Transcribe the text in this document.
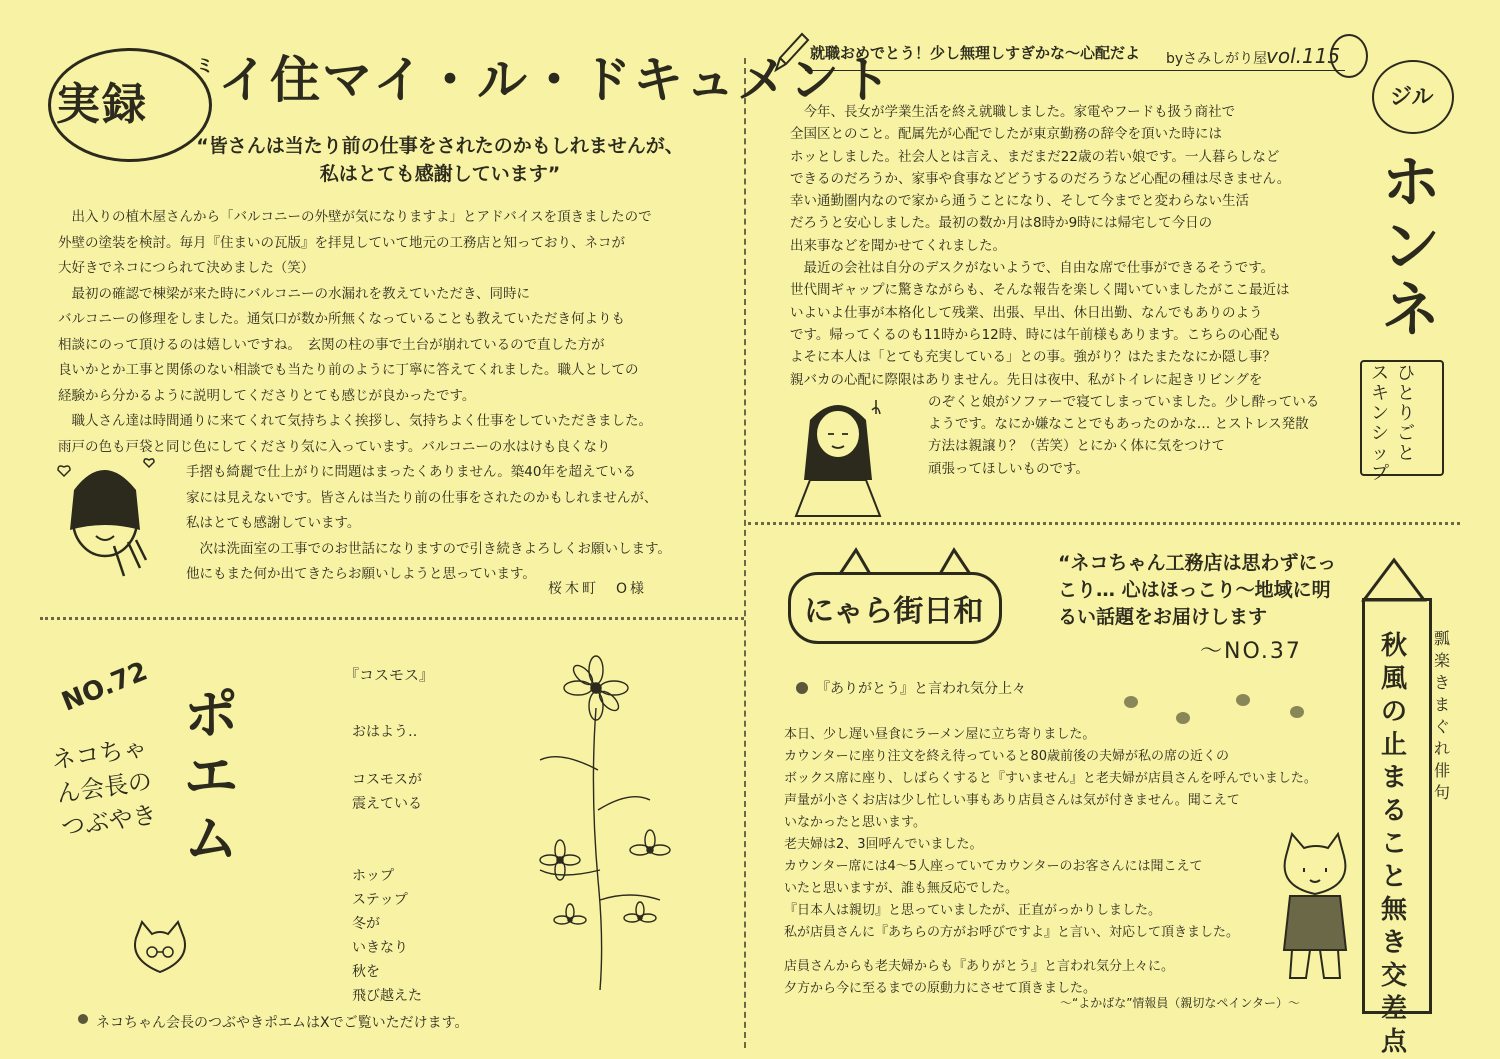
実録
ミ イ住マイ・ル・ドキュメント
“皆さんは当たり前の仕事をされたのかもしれませんが、私はとても感謝しています”

　出入りの植木屋さんから「バルコニーの外壁が気になりますよ」とアドバイスを頂きましたので

外壁の塗装を検討。毎月『住まいの瓦版』を拝見していて地元の工務店と知っており、ネコが

大好きでネコにつられて決めました（笑）

　最初の確認で棟梁が来た時にバルコニーの水漏れを教えていただき、同時に

バルコニーの修理をしました。通気口が数か所無くなっていることも教えていただき何よりも

相談にのって頂けるのは嬉しいですね。　玄関の柱の事で土台が崩れているので直した方が

良いかとか工事と関係のない相談でも当たり前のように丁寧に答えてくれました。職人としての

経験から分かるように説明してくださりとても感じが良かったです。

　職人さん達は時間通りに来てくれて気持ちよく挨拶し、気持ちよく仕事をしていただきました。

雨戸の色も戸袋と同じ色にしてくださり気に入っています。バルコニーの水はけも良くなり

手摺も綺麗で仕上がりに問題はまったくありません。築40年を超えている

家には見えないです。皆さんは当たり前の仕事をされたのかもしれませんが、

私はとても感謝しています。

　次は洗面室の工事でのお世話になりますので引き続きよろしくお願いします。

他にもまた何か出てきたらお願いしようと思っています。

桜木町　O様
NO.72
ネコちゃん会長のつぶやき
ポエム
『コスモス』
おはよう‥
コスモスが
震えている
ホップ
ステップ
冬が
いきなり
秋を
飛び越えた
ネコちゃん会長のつぶやきポエムはXでご覧いただけます。
就職おめでとう！少し無理しすぎかな〜心配だよ byさみしがり屋
vol.115

　今年、長女が学業生活を終え就職しました。家電やフードも扱う商社で

全国区とのこと。配属先が心配でしたが東京勤務の辞令を頂いた時には

ホッとしました。社会人とは言え、まだまだ22歳の若い娘です。一人暮らしなど

できるのだろうか、家事や食事などどうするのだろうなど心配の種は尽きません。

幸い通勤圏内なので家から通うことになり、そして今までと変わらない生活

だろうと安心しました。最初の数か月は8時か9時には帰宅して今日の

出来事などを聞かせてくれました。

　最近の会社は自分のデスクがないようで、自由な席で仕事ができるそうです。

世代間ギャップに驚きながらも、そんな報告を楽しく聞いていましたがここ最近は

いよいよ仕事が本格化して残業、出張、早出、休日出勤、なんでもありのよう

です。帰ってくるのも11時から12時、時には午前様もあります。こちらの心配も

よそに本人は「とても充実している」との事。強がり？はたまたなにか隠し事？

親バカの心配に際限はありません。先日は夜中、私がトイレに起きリビングを

のぞくと娘がソファーで寝てしまっていました。少し酔っている

ようです。なにか嫌なことでもあったのかな… とストレス発散

方法は親譲り？（苦笑）とにかく体に気をつけて

頑張ってほしいものです。

ジル
ホンネ
ひとりごと
スキンシップ
にゃら街日和
“ネコちゃん工務店は思わずにっこり… 心はほっこり〜地域に明るい話題をお届けします
〜NO.37
『ありがとう』と言われ気分上々

本日、少し遅い昼食にラーメン屋に立ち寄りました。

カウンターに座り注文を終え待っていると80歳前後の夫婦が私の席の近くの

ボックス席に座り、しばらくすると『すいません』と老夫婦が店員さんを呼んでいました。

声量が小さくお店は少し忙しい事もあり店員さんは気が付きません。聞こえて

いなかったと思います。

老夫婦は2、3回呼んでいました。

カウンター席には4〜5人座っていてカウンターのお客さんには聞こえて

いたと思いますが、誰も無反応でした。

『日本人は親切』と思っていましたが、正直がっかりしました。

私が店員さんに『あちらの方がお呼びですよ』と言い、対応して頂きました。

店員さんからも老夫婦からも『ありがとう』と言われ気分上々に。

夕方から今に至るまでの原動力にさせて頂きました。

〜“よかばな”情報員（親切なペインター）〜
秋風の止まること無き交差点
瓢楽きまぐれ俳句
